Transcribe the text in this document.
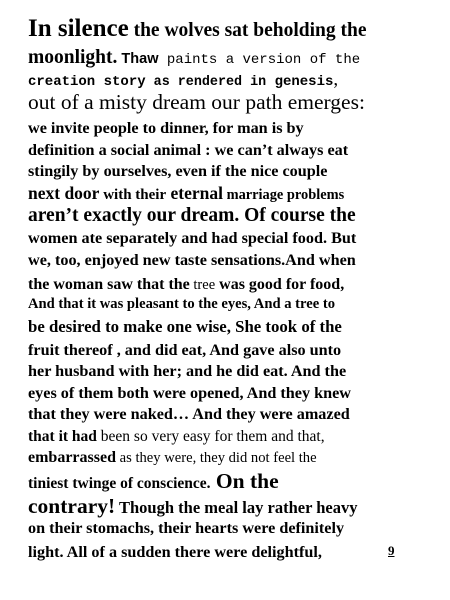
In silence the wolves sat beholding the
moonlight. Thaw paints a version of the
creation story as rendered in genesis,
out of a misty dream our path emerges:
we invite people to dinner, for man is by
definition a social animal : we can’t always eat
stingily by ourselves, even if the nice couple
next door with their eternal marriage problems
aren’t exactly our dream. Of course the
women ate separately and had special food. But
we, too, enjoyed new taste sensations.And when
the woman saw that the tree was good for food,
And that it was pleasant to the eyes, And a tree to
be desired to make one wise, She took of the
fruit thereof , and did eat, And gave also unto
her husband with her; and he did eat. And the
eyes of them both were opened, And they knew
that they were naked… And they were amazed
that it had been so very easy for them and that,
embarrassed as they were, they did not feel the
tiniest twinge of conscience. On the
contrary! Though the meal lay rather heavy
on their stomachs, their hearts were definitely
light. All of a sudden there were delightful,	9
